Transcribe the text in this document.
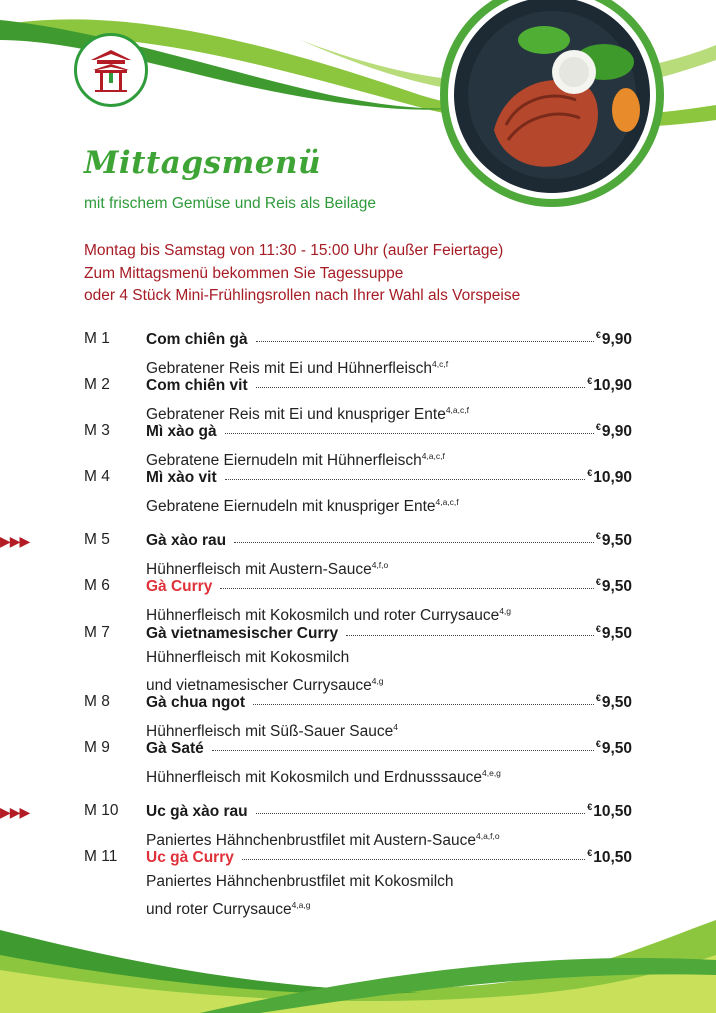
Mittagsmenü
mit frischem Gemüse und Reis als Beilage
Montag bis Samstag von 11:30 - 15:00 Uhr (außer Feiertage)
Zum Mittagsmenü bekommen Sie Tagessuppe
oder 4 Stück Mini-Frühlingsrollen nach Ihrer Wahl als Vorspeise
M 1 Com chiên gà	€9,90
Gebratener Reis mit Ei und Hühnerfleisch$^{4,c,f}$
M 2 Com chiên vit	€10,90
Gebratener Reis mit Ei und knuspriger Ente$^{4,a,c,f}$
M 3 Mì xào gà	€9,90
Gebratene Eiernudeln mit Hühnerfleisch$^{4,a,c,f}$
M 4 Mì xào vit	€10,90
Gebratene Eiernudeln mit knuspriger Ente$^{4,a,c,f}$
M 5 Gà xào rau	€9,50
Hühnerfleisch mit Austern-Sauce$^{4,f,o}$
M 6 Gà Curry	€9,50
Hühnerfleisch mit Kokosmilch und roter Currysauce$^{4,g}$
M 7 Gà vietnamesischer Curry	€9,50
Hühnerfleisch mit Kokosmilch
und vietnamesischer Currysauce$^{4,g}$
M 8 Gà chua ngot	€9,50
Hühnerfleisch mit Süß-Sauer Sauce$^4$
M 9 Gà Saté	€9,50
Hühnerfleisch mit Kokosmilch und Erdnusssauce$^{4,e,g}$
M 10 Uc gà xào rau	€10,50
Paniertes Hähnchenbrustfilet mit Austern-Sauce$^{4,a,f,o}$
M 11 Uc gà Curry	€10,50
Paniertes Hähnchenbrustfilet mit Kokosmilch
und roter Currysauce$^{4,a,g}$
▶▶▶
▶▶▶
